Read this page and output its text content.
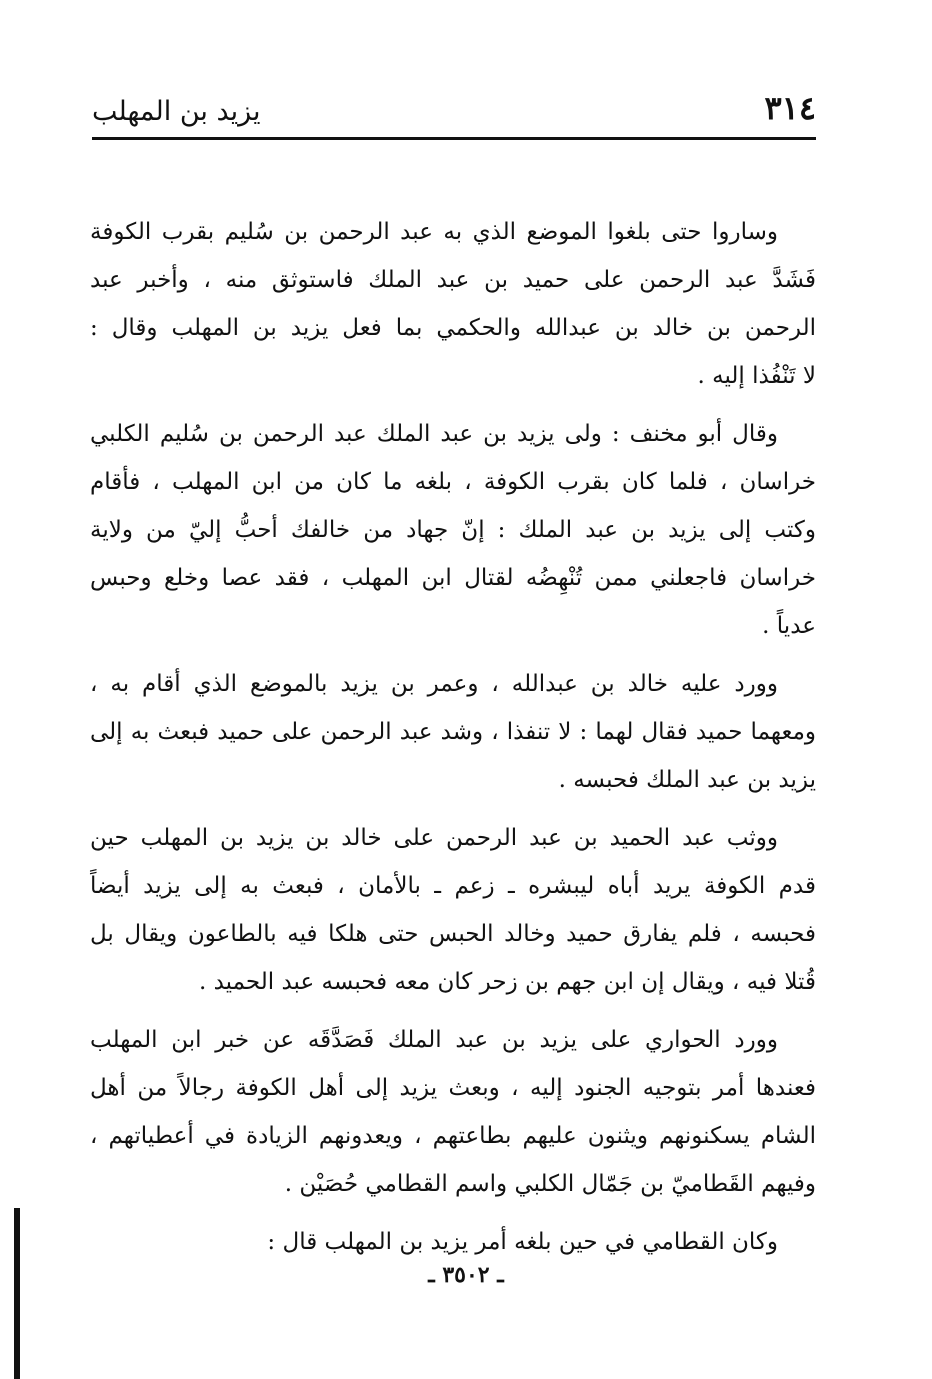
٣١٤
يزيد بن المهلب

وساروا حتى بلغوا الموضع الذي به عبد الرحمن بن سُليم بقرب الكوفة
فَشَدَّ عبد الرحمن على حميد بن عبد الملك فاستوثق منه ، وأخبر عبد
الرحمن بن خالد بن عبدالله والحكمي بما فعل يزيد بن المهلب وقال :
لا تَنْفُذا إليه .

وقال أبو مخنف : ولى يزيد بن عبد الملك عبد الرحمن بن سُليم الكلبي
خراسان ، فلما كان بقرب الكوفة ، بلغه ما كان من ابن المهلب ، فأقام
وكتب إلى يزيد بن عبد الملك : إنّ جهاد من خالفك أحبُّ إليّ من ولاية
خراسان فاجعلني ممن تُنْهِضُه لقتال ابن المهلب ، فقد عصا وخلع وحبس
عدياً .

وورد عليه خالد بن عبدالله ، وعمر بن يزيد بالموضع الذي أقام به ،
ومعهما حميد فقال لهما : لا تنفذا ، وشد عبد الرحمن على حميد فبعث به إلى
يزيد بن عبد الملك فحبسه .

ووثب عبد الحميد بن عبد الرحمن على خالد بن يزيد بن المهلب حين
قدم الكوفة يريد أباه ليبشره ـ زعم ـ بالأمان ، فبعث به إلى يزيد أيضاً
فحبسه ، فلم يفارق حميد وخالد الحبس حتى هلكا فيه بالطاعون ويقال بل
قُتلا فيه ، ويقال إن ابن جهم بن زحر كان معه فحبسه عبد الحميد .

وورد الحواري على يزيد بن عبد الملك فَصَدَّقَه عن خبر ابن المهلب
فعندها أمر بتوجيه الجنود إليه ، وبعث يزيد إلى أهل الكوفة رجالاً من أهل
الشام يسكنونهم ويثنون عليهم بطاعتهم ، ويعدونهم الزيادة في أعطياتهم ،
وفيهم القَطاميّ بن جَمّال الكلبي واسم القطامي حُصَيْن .

وكان القطامي في حين بلغه أمر يزيد بن المهلب قال :

ـ ٣٥٠٢ ـ
